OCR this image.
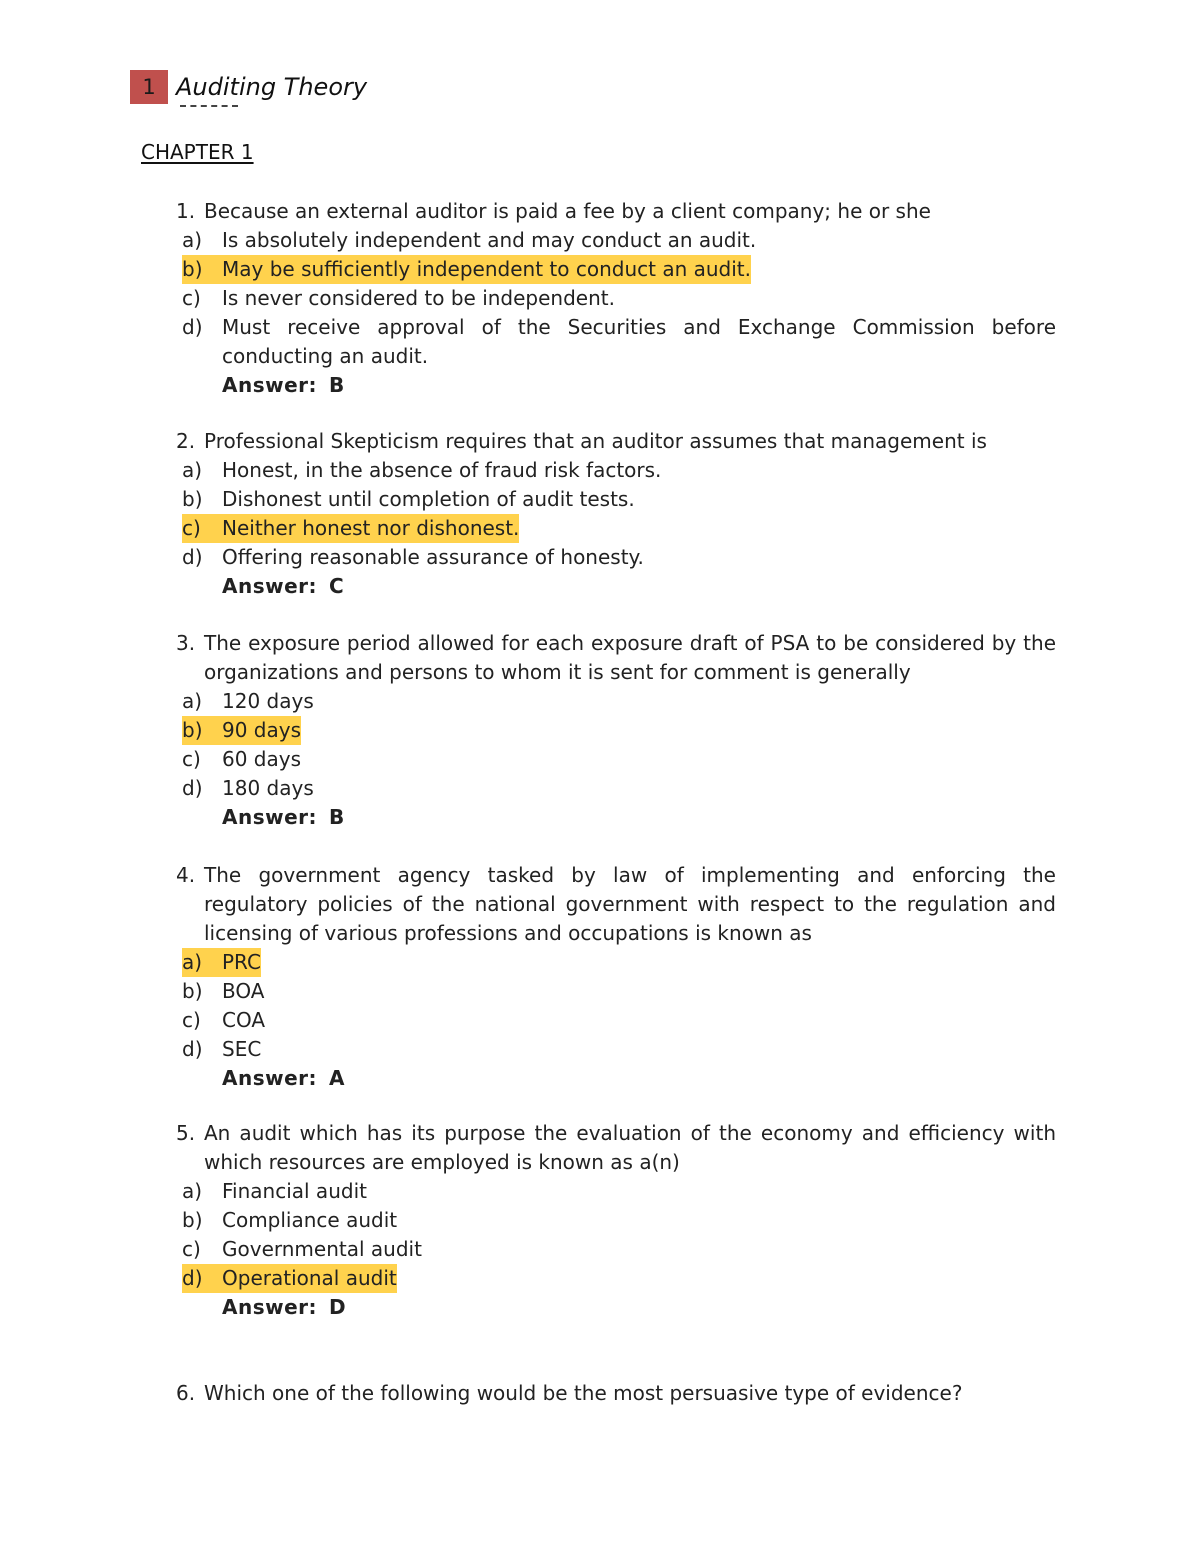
1 Auditing Theory
CHAPTER 1
1. Because an external auditor is paid a fee by a client company; he or she
a) Is absolutely independent and may conduct an audit.
b) May be sufficiently independent to conduct an audit.
c)	Is never considered to be independent.
d) Must receive approval of the Securities and Exchange Commission before conducting an audit.
Answer: B
2. Professional Skepticism requires that an auditor assumes that management is
a) Honest, in the absence of fraud risk factors.
b) Dishonest until completion of audit tests.
c)	Neither honest nor dishonest.
d) Offering reasonable assurance of honesty.
Answer: C
3. The exposure period allowed for each exposure draft of PSA to be considered by the organizations and persons to whom it is sent for comment is generally
a) 120 days
b) 90 days
c)	60 days
d) 180 days
Answer: B
4. The government agency tasked by law of implementing and enforcing the regulatory policies of the national government with respect to the regulation and licensing of various professions and occupations is known as
a) PRC
b) BOA
c)	COA
d) SEC
Answer: A
5. An audit which has its purpose the evaluation of the economy and efficiency with which resources are employed is known as a(n)
a) Financial audit
b) Compliance audit
c)	Governmental audit
d) Operational audit
Answer: D
6. Which one of the following would be the most persuasive type of evidence?
